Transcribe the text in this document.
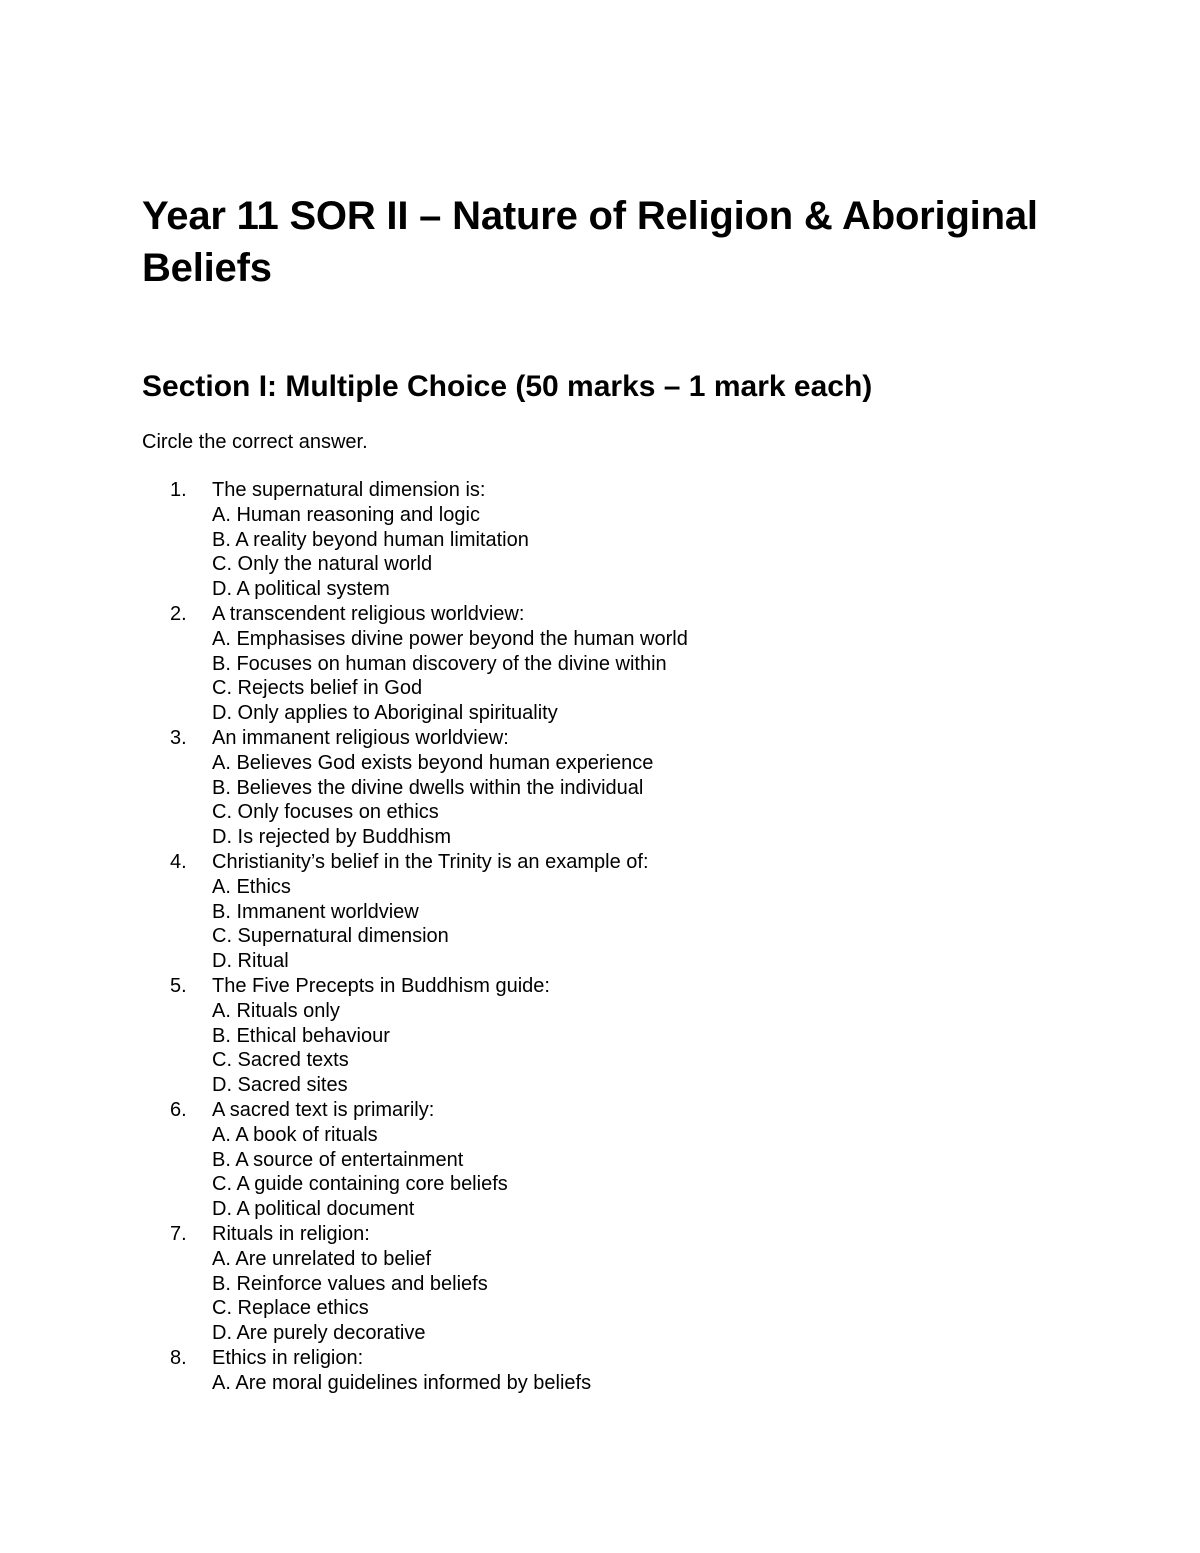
Year 11 SOR II – Nature of Religion & Aboriginal Beliefs
Section I: Multiple Choice (50 marks – 1 mark each)

Circle the correct answer.

1.	The supernatural dimension is:
A. Human reasoning and logic
B. A reality beyond human limitation
C. Only the natural world
D. A political system
2.	A transcendent religious worldview:
A. Emphasises divine power beyond the human world
B. Focuses on human discovery of the divine within
C. Rejects belief in God
D. Only applies to Aboriginal spirituality
3.	An immanent religious worldview:
A. Believes God exists beyond human experience
B. Believes the divine dwells within the individual
C. Only focuses on ethics
D. Is rejected by Buddhism
4.	Christianity’s belief in the Trinity is an example of:
A. Ethics
B. Immanent worldview
C. Supernatural dimension
D. Ritual
5.	The Five Precepts in Buddhism guide:
A. Rituals only
B. Ethical behaviour
C. Sacred texts
D. Sacred sites
6.	A sacred text is primarily:
A. A book of rituals
B. A source of entertainment
C. A guide containing core beliefs
D. A political document
7.	Rituals in religion:
A. Are unrelated to belief
B. Reinforce values and beliefs
C. Replace ethics
D. Are purely decorative
8.	Ethics in religion:
A. Are moral guidelines informed by beliefs
